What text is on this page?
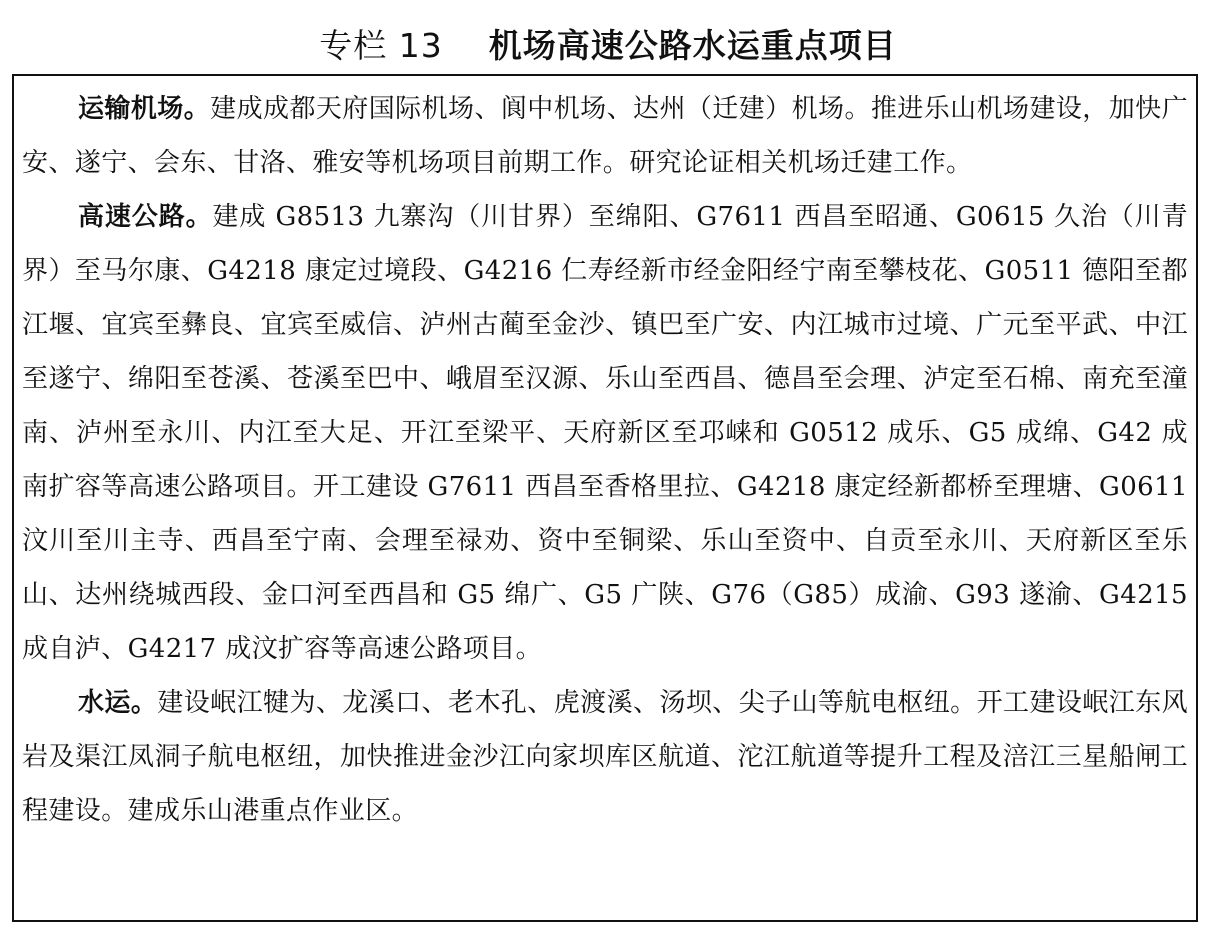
专栏 13 机场高速公路水运重点项目

运输机场。建成成都天府国际机场、阆中机场、达州（迁建）机场。推进乐山机场建设，加快广安、遂宁、会东、甘洛、雅安等机场项目前期工作。研究论证相关机场迁建工作。

高速公路。建成 G8513 九寨沟（川甘界）至绵阳、G7611 西昌至昭通、G0615 久治（川青界）至马尔康、G4218 康定过境段、G4216 仁寿经新市经金阳经宁南至攀枝花、G0511 德阳至都江堰、宜宾至彝良、宜宾至威信、泸州古蔺至金沙、镇巴至广安、内江城市过境、广元至平武、中江至遂宁、绵阳至苍溪、苍溪至巴中、峨眉至汉源、乐山至西昌、德昌至会理、泸定至石棉、南充至潼南、泸州至永川、内江至大足、开江至梁平、天府新区至邛崃和 G0512 成乐、G5 成绵、G42 成南扩容等高速公路项目。开工建设 G7611 西昌至香格里拉、G4218 康定经新都桥至理塘、G0611 汶川至川主寺、西昌至宁南、会理至禄劝、资中至铜梁、乐山至资中、自贡至永川、天府新区至乐山、达州绕城西段、金口河至西昌和 G5 绵广、G5 广陕、G76（G85）成渝、G93 遂渝、G4215 成自泸、G4217 成汶扩容等高速公路项目。

水运。建设岷江犍为、龙溪口、老木孔、虎渡溪、汤坝、尖子山等航电枢纽。开工建设岷江东风岩及渠江凤洞子航电枢纽，加快推进金沙江向家坝库区航道、沱江航道等提升工程及涪江三星船闸工程建设。建成乐山港重点作业区。
